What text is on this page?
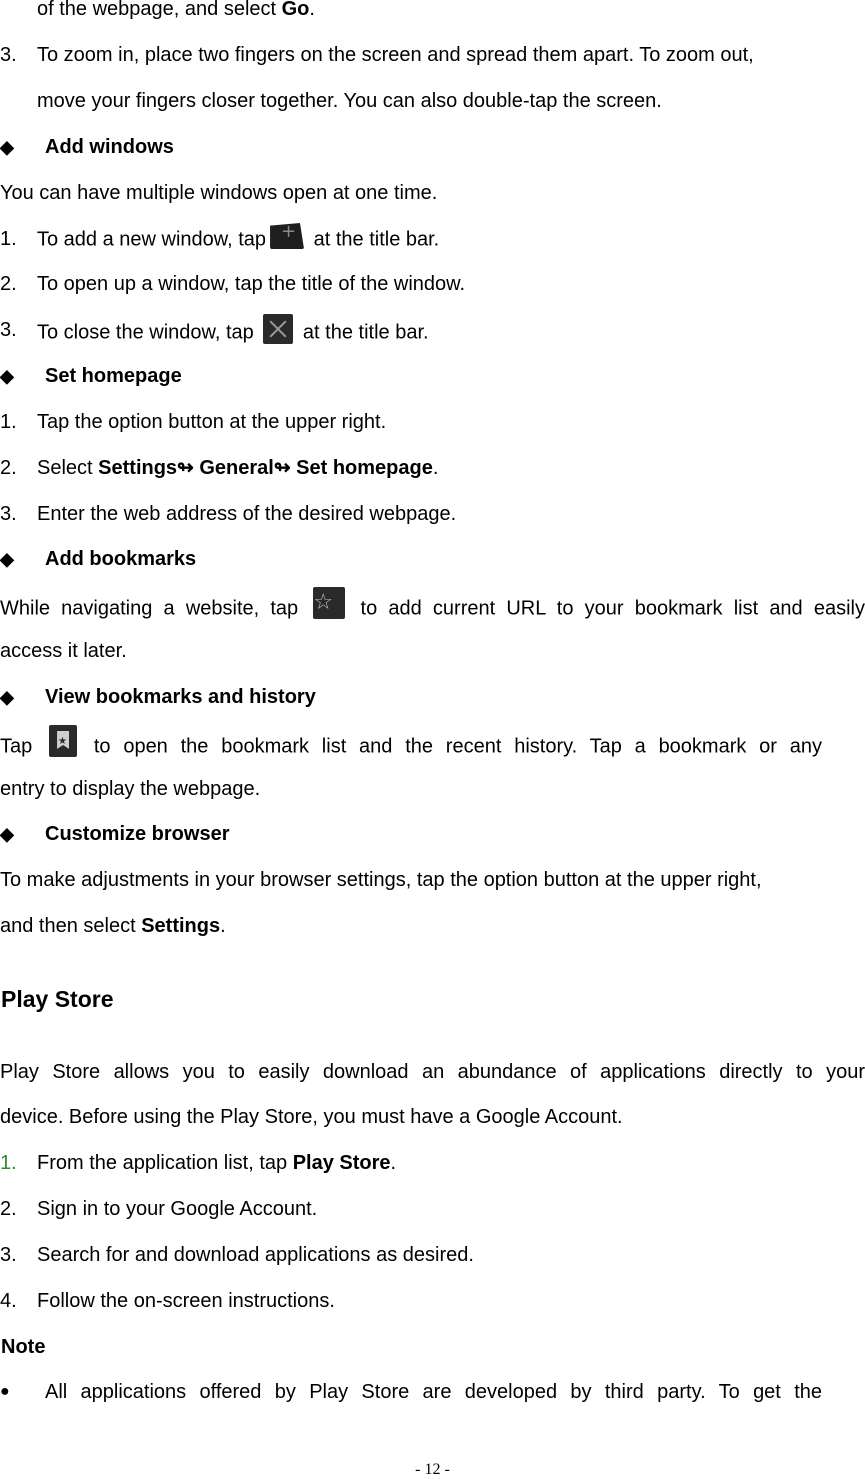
of the webpage, and select Go.
3. To zoom in, place two fingers on the screen and spread them apart. To zoom out,
move your fingers closer together. You can also double-tap the screen.
◆ Add windows
You can have multiple windows open at one time.
1. To add a new window, tap+ at the title bar.
2. To open up a window, tap the title of the window.
3. To close the window, tap  at the title bar.
◆ Set homepage
1. Tap the option button at the upper right.
2. Select Settings↬ General↬ Set homepage.
3. Enter the web address of the desired webpage.
◆ Add bookmarks
While navigating a website, tap ☆ to add current URL to your bookmark list and easily
access it later.
◆ View bookmarks and history
Tap ★ to open the bookmark list and the recent history. Tap a bookmark or any
entry to display the webpage.
◆ Customize browser
To make adjustments in your browser settings, tap the option button at the upper right,
and then select Settings.
Play Store
Play Store allows you to easily download an abundance of applications directly to your
device. Before using the Play Store, you must have a Google Account.
1. From the application list, tap Play Store.
2. Sign in to your Google Account.
3. Search for and download applications as desired.
4. Follow the on-screen instructions.
Note
● All applications offered by Play Store are developed by third party. To get the
- 12 -
